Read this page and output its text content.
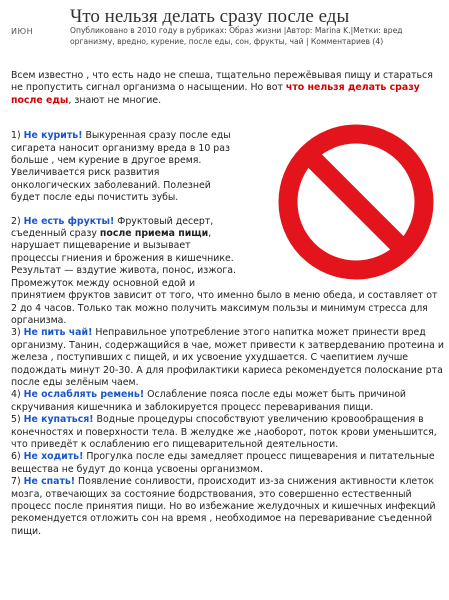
Что нельзя делать сразу после еды
ИЮН	Опубликовано в 2010 году в рубриках: Образ жизни |Автор: Marina K.|Метки: вред организму, вредно, курение, после еды, сон, фрукты, чай | Комментариев (4)

Всем известно , что есть надо не спеша, тщательно пережёвывая пищу и стараться не пропустить сигнал организма о насыщении. Но вот что нельзя делать сразу после еды, знают не многие.

1) Не курить! Выкуренная сразу после еды
сигарета наносит организму вреда в 10 раз
больше , чем курение в другое время.
Увеличивается риск развития
онкологических заболеваний. Полезней
будет после еды почистить зубы.
2) Не есть фрукты! Фруктовый десерт,
съеденный сразу после приема пищи,
нарушает пищеварение и вызывает
процессы гниения и брожения в кишечнике.
Результат — вздутие живота, понос, изжога.
Промежуток между основной едой и
принятием фруктов зависит от того, что именно было в меню обеда, и составляет от 2 до 4 часов. Только так можно получить максимум пользы и минимум стресса для организма.
3) Не пить чай! Неправильное употребление этого напитка может принести вред организму. Танин, содержащийся в чае, может привести к затвердеванию протеина и железа , поступивших с пищей, и их усвоение ухудшается. С чаепитием лучше подождать минут 20-30. А для профилактики кариеса рекомендуется полоскание рта после еды зелёным чаем.
4) Не ослаблять ремень! Ослабление пояса после еды может быть причиной скручивания кишечника и заблокируется процесс переваривания пищи.
5) Не купаться! Водные процедуры способствуют увеличению кровообращения в конечностях и поверхности тела. В желудке же ,наоборот, поток крови уменьшится, что приведёт к ослаблению его пищеварительной деятельности.
6) Не ходить! Прогулка после еды замедляет процесс пищеварения и питательные вещества не будут до конца усвоены организмом.
7) Не спать! Появление сонливости, происходит из-за снижения активности клеток мозга, отвечающих за состояние бодрствования, это совершенно естественный процесс после принятия пищи. Но во избежание желудочных и кишечных инфекций рекомендуется отложить сон на время , необходимое на переваривание съеденной пищи.
